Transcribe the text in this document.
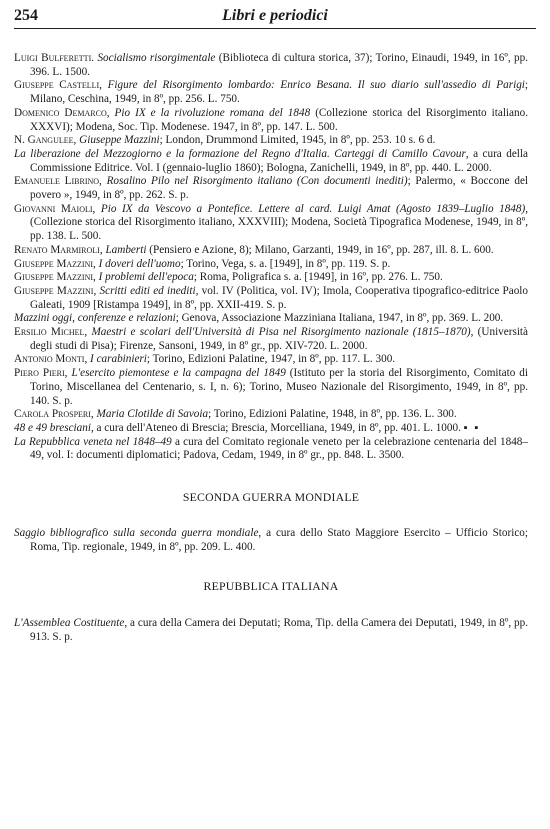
254	Libri e periodici

Luigi Bulferetti. Socialismo risorgimentale (Biblioteca di cultura storica, 37); Torino, Einaudi, 1949, in 16º, pp. 396. L. 1500.

Giuseppe Castelli, Figure del Risorgimento lombardo: Enrico Besana. Il suo diario sull'assedio di Parigi; Milano, Ceschina, 1949, in 8º, pp. 256. L. 750.

Domenico Demarco, Pio IX e la rivoluzione romana del 1848 (Collezione storica del Risorgimento italiano. XXXVI); Modena, Soc. Tip. Modenese. 1947, in 8º, pp. 147. L. 500.

N. Gangulee, Giuseppe Mazzini; London, Drummond Limited, 1945, in 8º, pp. 253. 10 s. 6 d.

La liberazione del Mezzogiorno e la formazione del Regno d'Italia. Carteggi di Camillo Cavour, a cura della Commissione Editrice. Vol. I (gennaio-luglio 1860); Bologna, Zanichelli, 1949, in 8º, pp. 440. L. 2000.

Emanuele Librino, Rosalino Pilo nel Risorgimento italiano (Con documenti inediti); Palermo, « Boccone del povero », 1949, in 8º, pp. 262. S. p.

Giovanni Maioli, Pio IX da Vescovo a Pontefice. Lettere al card. Luigi Amat (Agosto 1839–Luglio 1848), (Collezione storica del Risorgimento italiano, XXXVIII); Modena, Società Tipografica Modenese, 1949, in 8º, pp. 138. L. 500.

Renato Marmiroli, Lamberti (Pensiero e Azione, 8); Milano, Garzanti, 1949, in 16º, pp. 287, ill. 8. L. 600.

Giuseppe Mazzini, I doveri dell'uomo; Torino, Vega, s. a. [1949], in 8º, pp. 119. S. p.

Giuseppe Mazzini, I problemi dell'epoca; Roma, Poligrafica s. a. [1949], in 16º, pp. 276. L. 750.

Giuseppe Mazzini, Scritti editi ed inediti, vol. IV (Politica, vol. IV); Imola, Cooperativa tipografico-editrice Paolo Galeati, 1909 [Ristampa 1949], in 8º, pp. XXII-419. S. p.

Mazzini oggi, conferenze e relazioni; Genova, Associazione Mazziniana Italiana, 1947, in 8º, pp. 369. L. 200.

Ersilio Michel, Maestri e scolari dell'Università di Pisa nel Risorgimento nazionale (1815–1870), (Università degli studi di Pisa); Firenze, Sansoni, 1949, in 8º gr., pp. XIV-720. L. 2000.

Antonio Monti, I carabinieri; Torino, Edizioni Palatine, 1947, in 8º, pp. 117. L. 300.

Piero Pieri, L'esercito piemontese e la campagna del 1849 (Istituto per la storia del Risorgimento, Comitato di Torino, Miscellanea del Centenario, s. I, n. 6); Torino, Museo Nazionale del Risorgimento, 1949, in 8º, pp. 140. S. p.

Carola Prosperi, Maria Clotilde di Savoia; Torino, Edizioni Palatine, 1948, in 8º, pp. 136. L. 300.

48 e 49 bresciani, a cura dell'Ateneo di Brescia; Brescia, Morcelliana, 1949, in 8º, pp. 401. L. 1000. ▪ ▪

La Repubblica veneta nel 1848–49 a cura del Comitato regionale veneto per la celebrazione centenaria del 1848–49, vol. I: documenti diplomatici; Padova, Cedam, 1949, in 8º gr., pp. 848. L. 3500.

SECONDA GUERRA MONDIALE

Saggio bibliografico sulla seconda guerra mondiale, a cura dello Stato Maggiore Esercito – Ufficio Storico; Roma, Tip. regionale, 1949, in 8º, pp. 209. L. 400.

REPUBBLICA ITALIANA

L'Assemblea Costituente, a cura della Camera dei Deputati; Roma, Tip. della Camera dei Deputati, 1949, in 8º, pp. 913. S. p.
